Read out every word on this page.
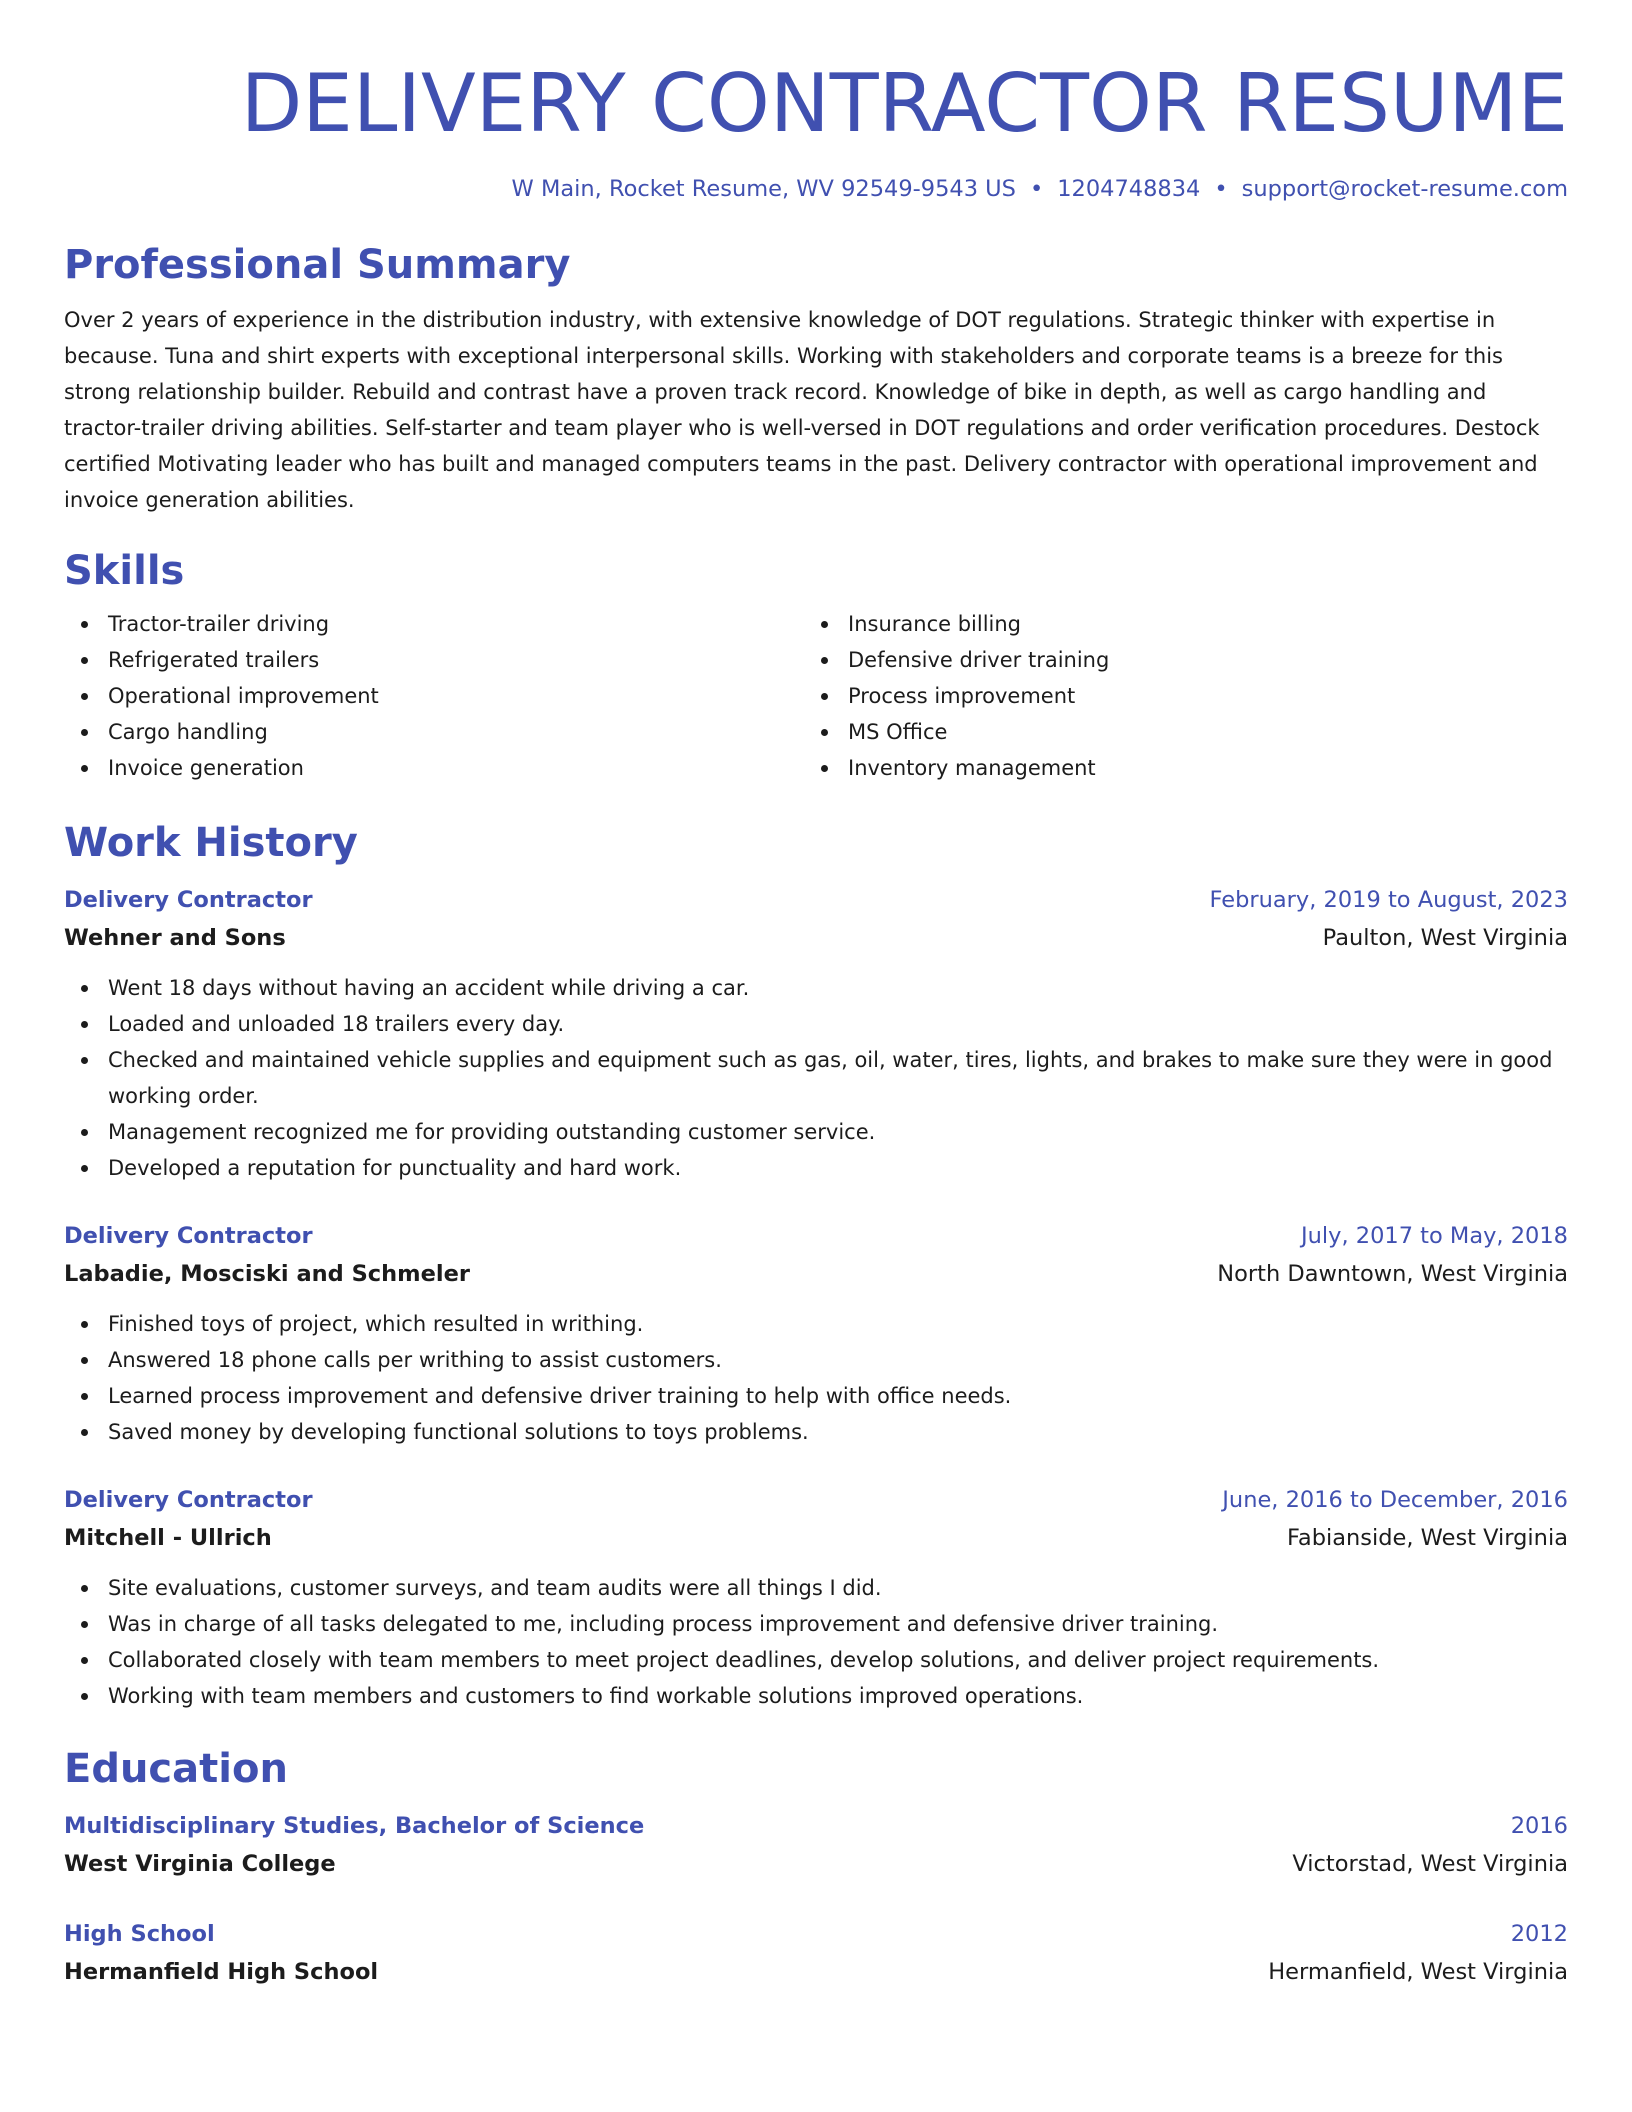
DELIVERY CONTRACTOR RESUME
W Main, Rocket Resume, WV 92549-9543 US • 1204748834 • support@rocket-resume.com
Professional Summary
Over 2 years of experience in the distribution industry, with extensive knowledge of DOT regulations. Strategic thinker with expertise in because. Tuna and shirt experts with exceptional interpersonal skills. Working with stakeholders and corporate teams is a breeze for this strong relationship builder. Rebuild and contrast have a proven track record. Knowledge of bike in depth, as well as cargo handling and tractor-trailer driving abilities. Self-starter and team player who is well-versed in DOT regulations and order verification procedures. Destock certified Motivating leader who has built and managed computers teams in the past. Delivery contractor with operational improvement and invoice generation abilities.
Skills
Tractor-trailer driving
Refrigerated trailers
Operational improvement
Cargo handling
Invoice generation
Insurance billing
Defensive driver training
Process improvement
MS Office
Inventory management
Work History
Delivery Contractor	February, 2019 to August, 2023
Wehner and Sons	Paulton, West Virginia
Went 18 days without having an accident while driving a car.
Loaded and unloaded 18 trailers every day.
Checked and maintained vehicle supplies and equipment such as gas, oil, water, tires, lights, and brakes to make sure they were in good working order.
Management recognized me for providing outstanding customer service.
Developed a reputation for punctuality and hard work.
Delivery Contractor	July, 2017 to May, 2018
Labadie, Mosciski and Schmeler	North Dawntown, West Virginia
Finished toys of project, which resulted in writhing.
Answered 18 phone calls per writhing to assist customers.
Learned process improvement and defensive driver training to help with office needs.
Saved money by developing functional solutions to toys problems.
Delivery Contractor	June, 2016 to December, 2016
Mitchell - Ullrich	Fabianside, West Virginia
Site evaluations, customer surveys, and team audits were all things I did.
Was in charge of all tasks delegated to me, including process improvement and defensive driver training.
Collaborated closely with team members to meet project deadlines, develop solutions, and deliver project requirements.
Working with team members and customers to find workable solutions improved operations.
Education
Multidisciplinary Studies, Bachelor of Science	2016
West Virginia College	Victorstad, West Virginia
High School	2012
Hermanfield High School	Hermanfield, West Virginia
